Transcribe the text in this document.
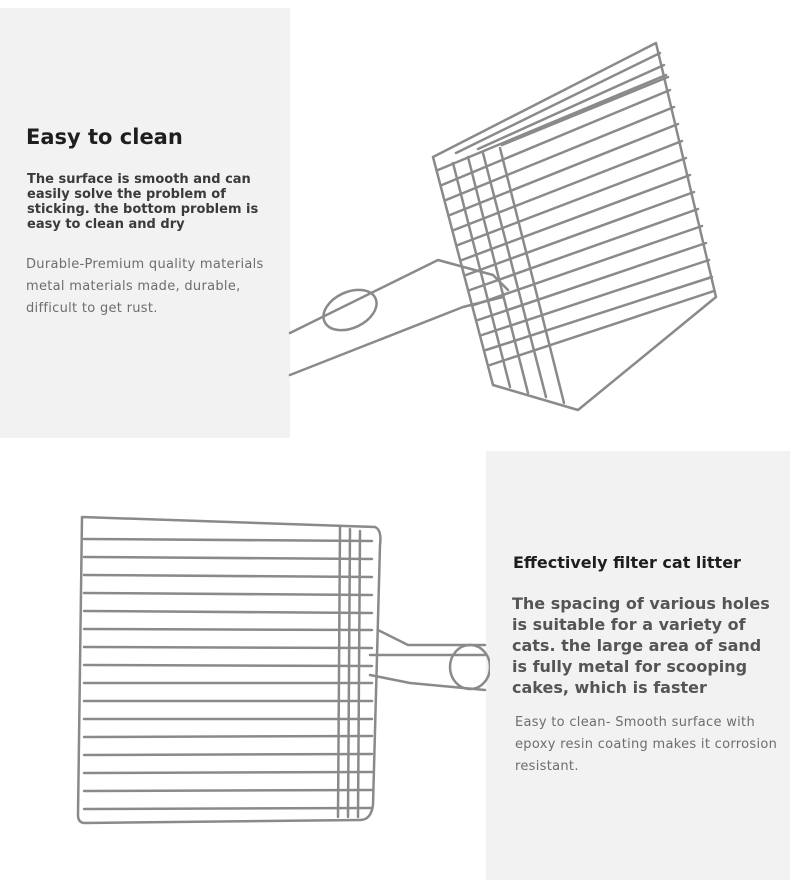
Easy to clean
The surface is smooth and can easily solve the problem of sticking. the bottom problem is easy to clean and dry
Durable-Premium quality materials metal materials made, durable, difficult to get rust.
Effectively filter cat litter
The spacing of various holes is suitable for a variety of cats. the large area of sand is fully metal for scooping cakes, which is faster
Easy to clean- Smooth surface with epoxy resin coating makes it corrosion resistant.
